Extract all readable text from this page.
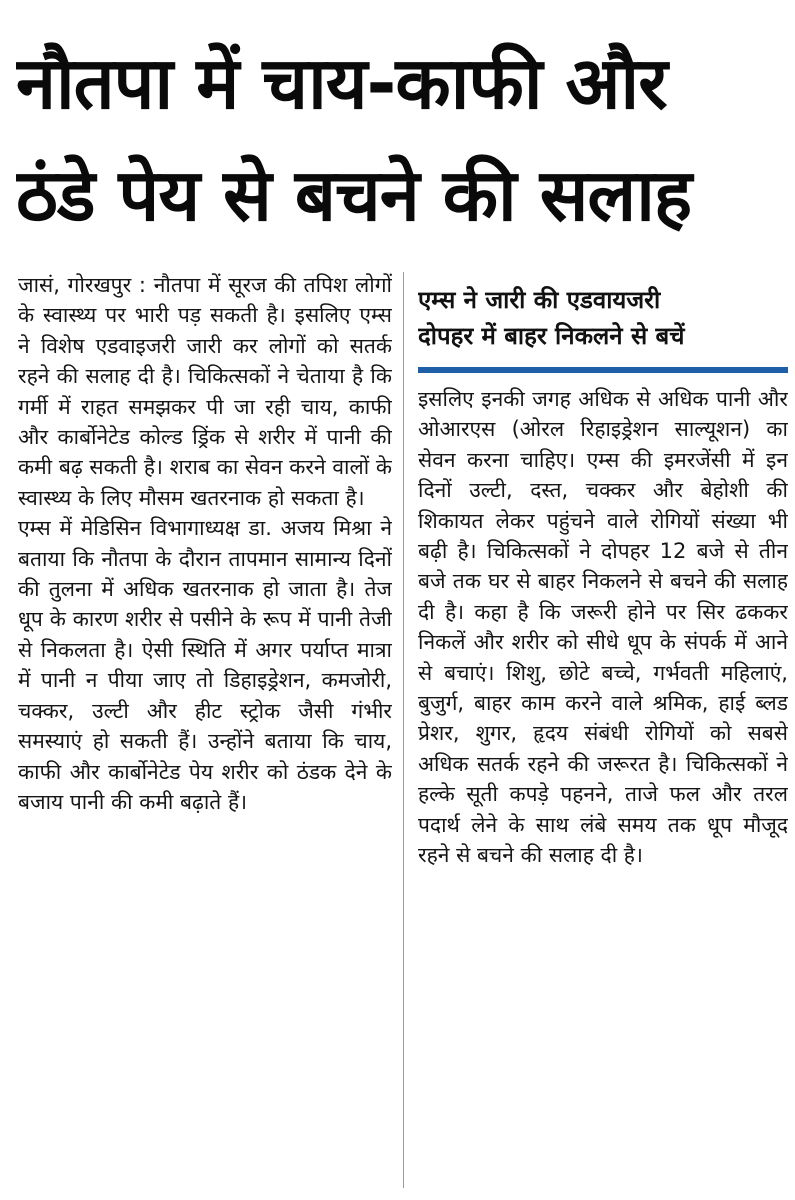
नौतपा में चाय-काफी और
ठंडे पेय से बचने की सलाह

जासं, गोरखपुर : नौतपा में सूरज की तपिश लोगों के स्वास्थ्य पर भारी पड़ सकती है। इसलिए एम्स ने विशेष एडवाइजरी जारी कर लोगों को सतर्क रहने की सलाह दी है। चिकित्सकों ने चेताया है कि गर्मी में राहत समझकर पी जा रही चाय, काफी और कार्बोनेटेड कोल्ड ड्रिंक से शरीर में पानी की कमी बढ़ सकती है। शराब का सेवन करने वालों के स्वास्थ्य के लिए मौसम खतरनाक हो सकता है।

एम्स में मेडिसिन विभागाध्यक्ष डा. अजय मिश्रा ने बताया कि नौतपा के दौरान तापमान सामान्य दिनों की तुलना में अधिक खतरनाक हो जाता है। तेज धूप के कारण शरीर से पसीने के रूप में पानी तेजी से निकलता है। ऐसी स्थिति में अगर पर्याप्त मात्रा में पानी न पीया जाए तो डिहाइड्रेशन, कमजोरी, चक्कर, उल्टी और हीट स्ट्रोक जैसी गंभीर समस्याएं हो सकती हैं। उन्होंने बताया कि चाय, काफी और कार्बोनेटेड पेय शरीर को ठंडक देने के बजाय पानी की कमी बढ़ाते हैं।

एम्स ने जारी की एडवायजरी
दोपहर में बाहर निकलने से बचें

इसलिए इनकी जगह अधिक से अधिक पानी और ओआरएस (ओरल रिहाइड्रेशन साल्यूशन) का सेवन करना चाहिए। एम्स की इमरजेंसी में इन दिनों उल्टी, दस्त, चक्कर और बेहोशी की शिकायत लेकर पहुंचने वाले रोगियों संख्या भी बढ़ी है। चिकित्सकों ने दोपहर 12 बजे से तीन बजे तक घर से बाहर निकलने से बचने की सलाह दी है। कहा है कि जरूरी होने पर सिर ढककर निकलें और शरीर को सीधे धूप के संपर्क में आने से बचाएं। शिशु, छोटे बच्चे, गर्भवती महिलाएं, बुजुर्ग, बाहर काम करने वाले श्रमिक, हाई ब्लड प्रेशर, शुगर, हृदय संबंधी रोगियों को सबसे अधिक सतर्क रहने की जरूरत है। चिकित्सकों ने हल्के सूती कपड़े पहनने, ताजे फल और तरल पदार्थ लेने के साथ लंबे समय तक धूप मौजूद रहने से बचने की सलाह दी है।
